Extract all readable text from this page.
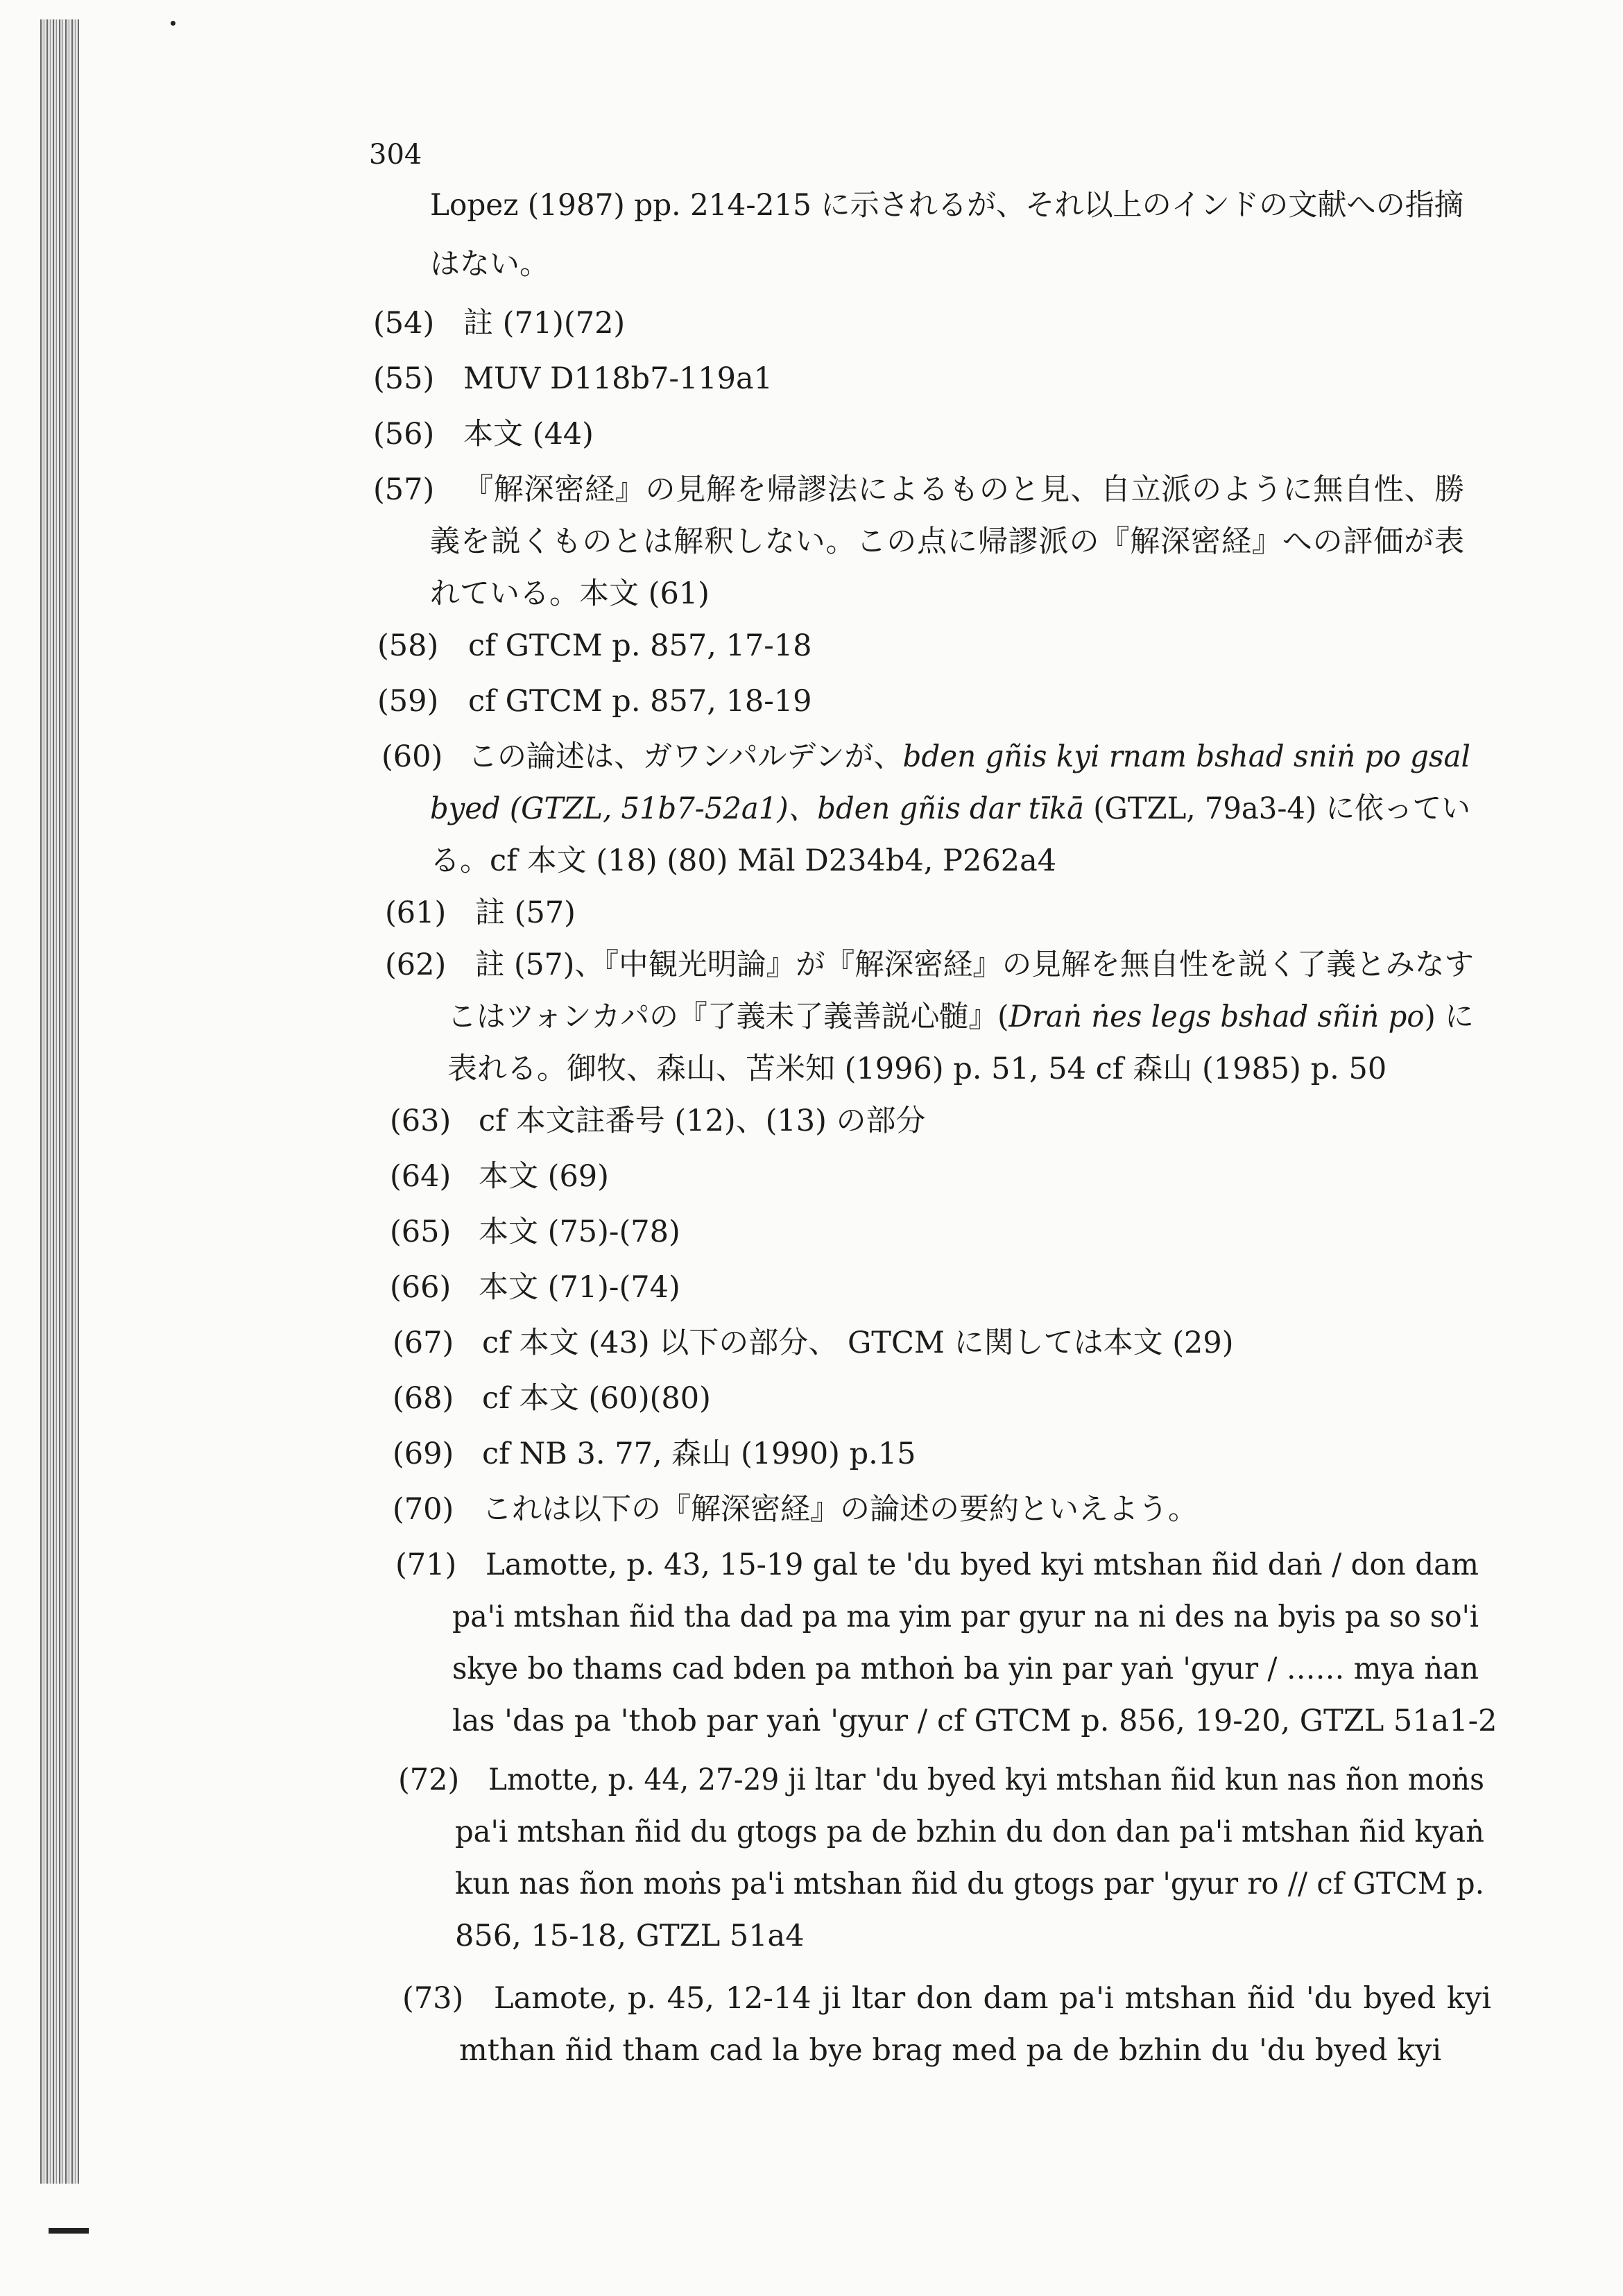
304
Lopez (1987) pp. 214-215 に示されるが、それ以上のインドの文献への指摘
はない。
(54) 註 (71)(72)
(55) MUV D118b7-119a1
(56) 本文 (44)
(57) 『解深密経』の見解を帰謬法によるものと見、自立派のように無自性、勝
義を説くものとは解釈しない。この点に帰謬派の『解深密経』への評価が表
れている。本文 (61)
(58) cf GTCM p. 857, 17-18
(59) cf GTCM p. 857, 18-19
(60) この論述は、ガワンパルデンが、bden gñis kyi rnam bshad sniṅ po gsal
byed (GTZL, 51b7-52a1)、bden gñis dar tīkā (GTZL, 79a3-4) に依ってい
る。cf 本文 (18) (80) Māl D234b4, P262a4
(61) 註 (57)
(62) 註 (57)、『中観光明論』が『解深密経』の見解を無自性を説く了義とみなす
こはツォンカパの『了義未了義善説心髄』(Draṅ ṅes legs bshad sñiṅ po) に
表れる。御牧、森山、苫米知 (1996) p. 51, 54 cf 森山 (1985) p. 50
(63) cf 本文註番号 (12)、(13) の部分
(64) 本文 (69)
(65) 本文 (75)-(78)
(66) 本文 (71)-(74)
(67) cf 本文 (43) 以下の部分、 GTCM に関しては本文 (29)
(68) cf 本文 (60)(80)
(69) cf NB 3. 77, 森山 (1990) p.15
(70) これは以下の『解深密経』の論述の要約といえよう。
(71) Lamotte, p. 43, 15-19 gal te 'du byed kyi mtshan ñid daṅ / don dam
pa'i mtshan ñid tha dad pa ma yim par gyur na ni des na byis pa so so'i
skye bo thams cad bden pa mthoṅ ba yin par yaṅ 'gyur / …… mya ṅan
las 'das pa 'thob par yaṅ 'gyur / cf GTCM p. 856, 19-20, GTZL 51a1-2
(72) Lmotte, p. 44, 27-29 ji ltar 'du byed kyi mtshan ñid kun nas ñon moṅs
pa'i mtshan ñid du gtogs pa de bzhin du don dan pa'i mtshan ñid kyaṅ
kun nas ñon moṅs pa'i mtshan ñid du gtogs par 'gyur ro // cf GTCM p.
856, 15-18, GTZL 51a4
(73) Lamote, p. 45, 12-14 ji ltar don dam pa'i mtshan ñid 'du byed kyi
mthan ñid tham cad la bye brag med pa de bzhin du 'du byed kyi
